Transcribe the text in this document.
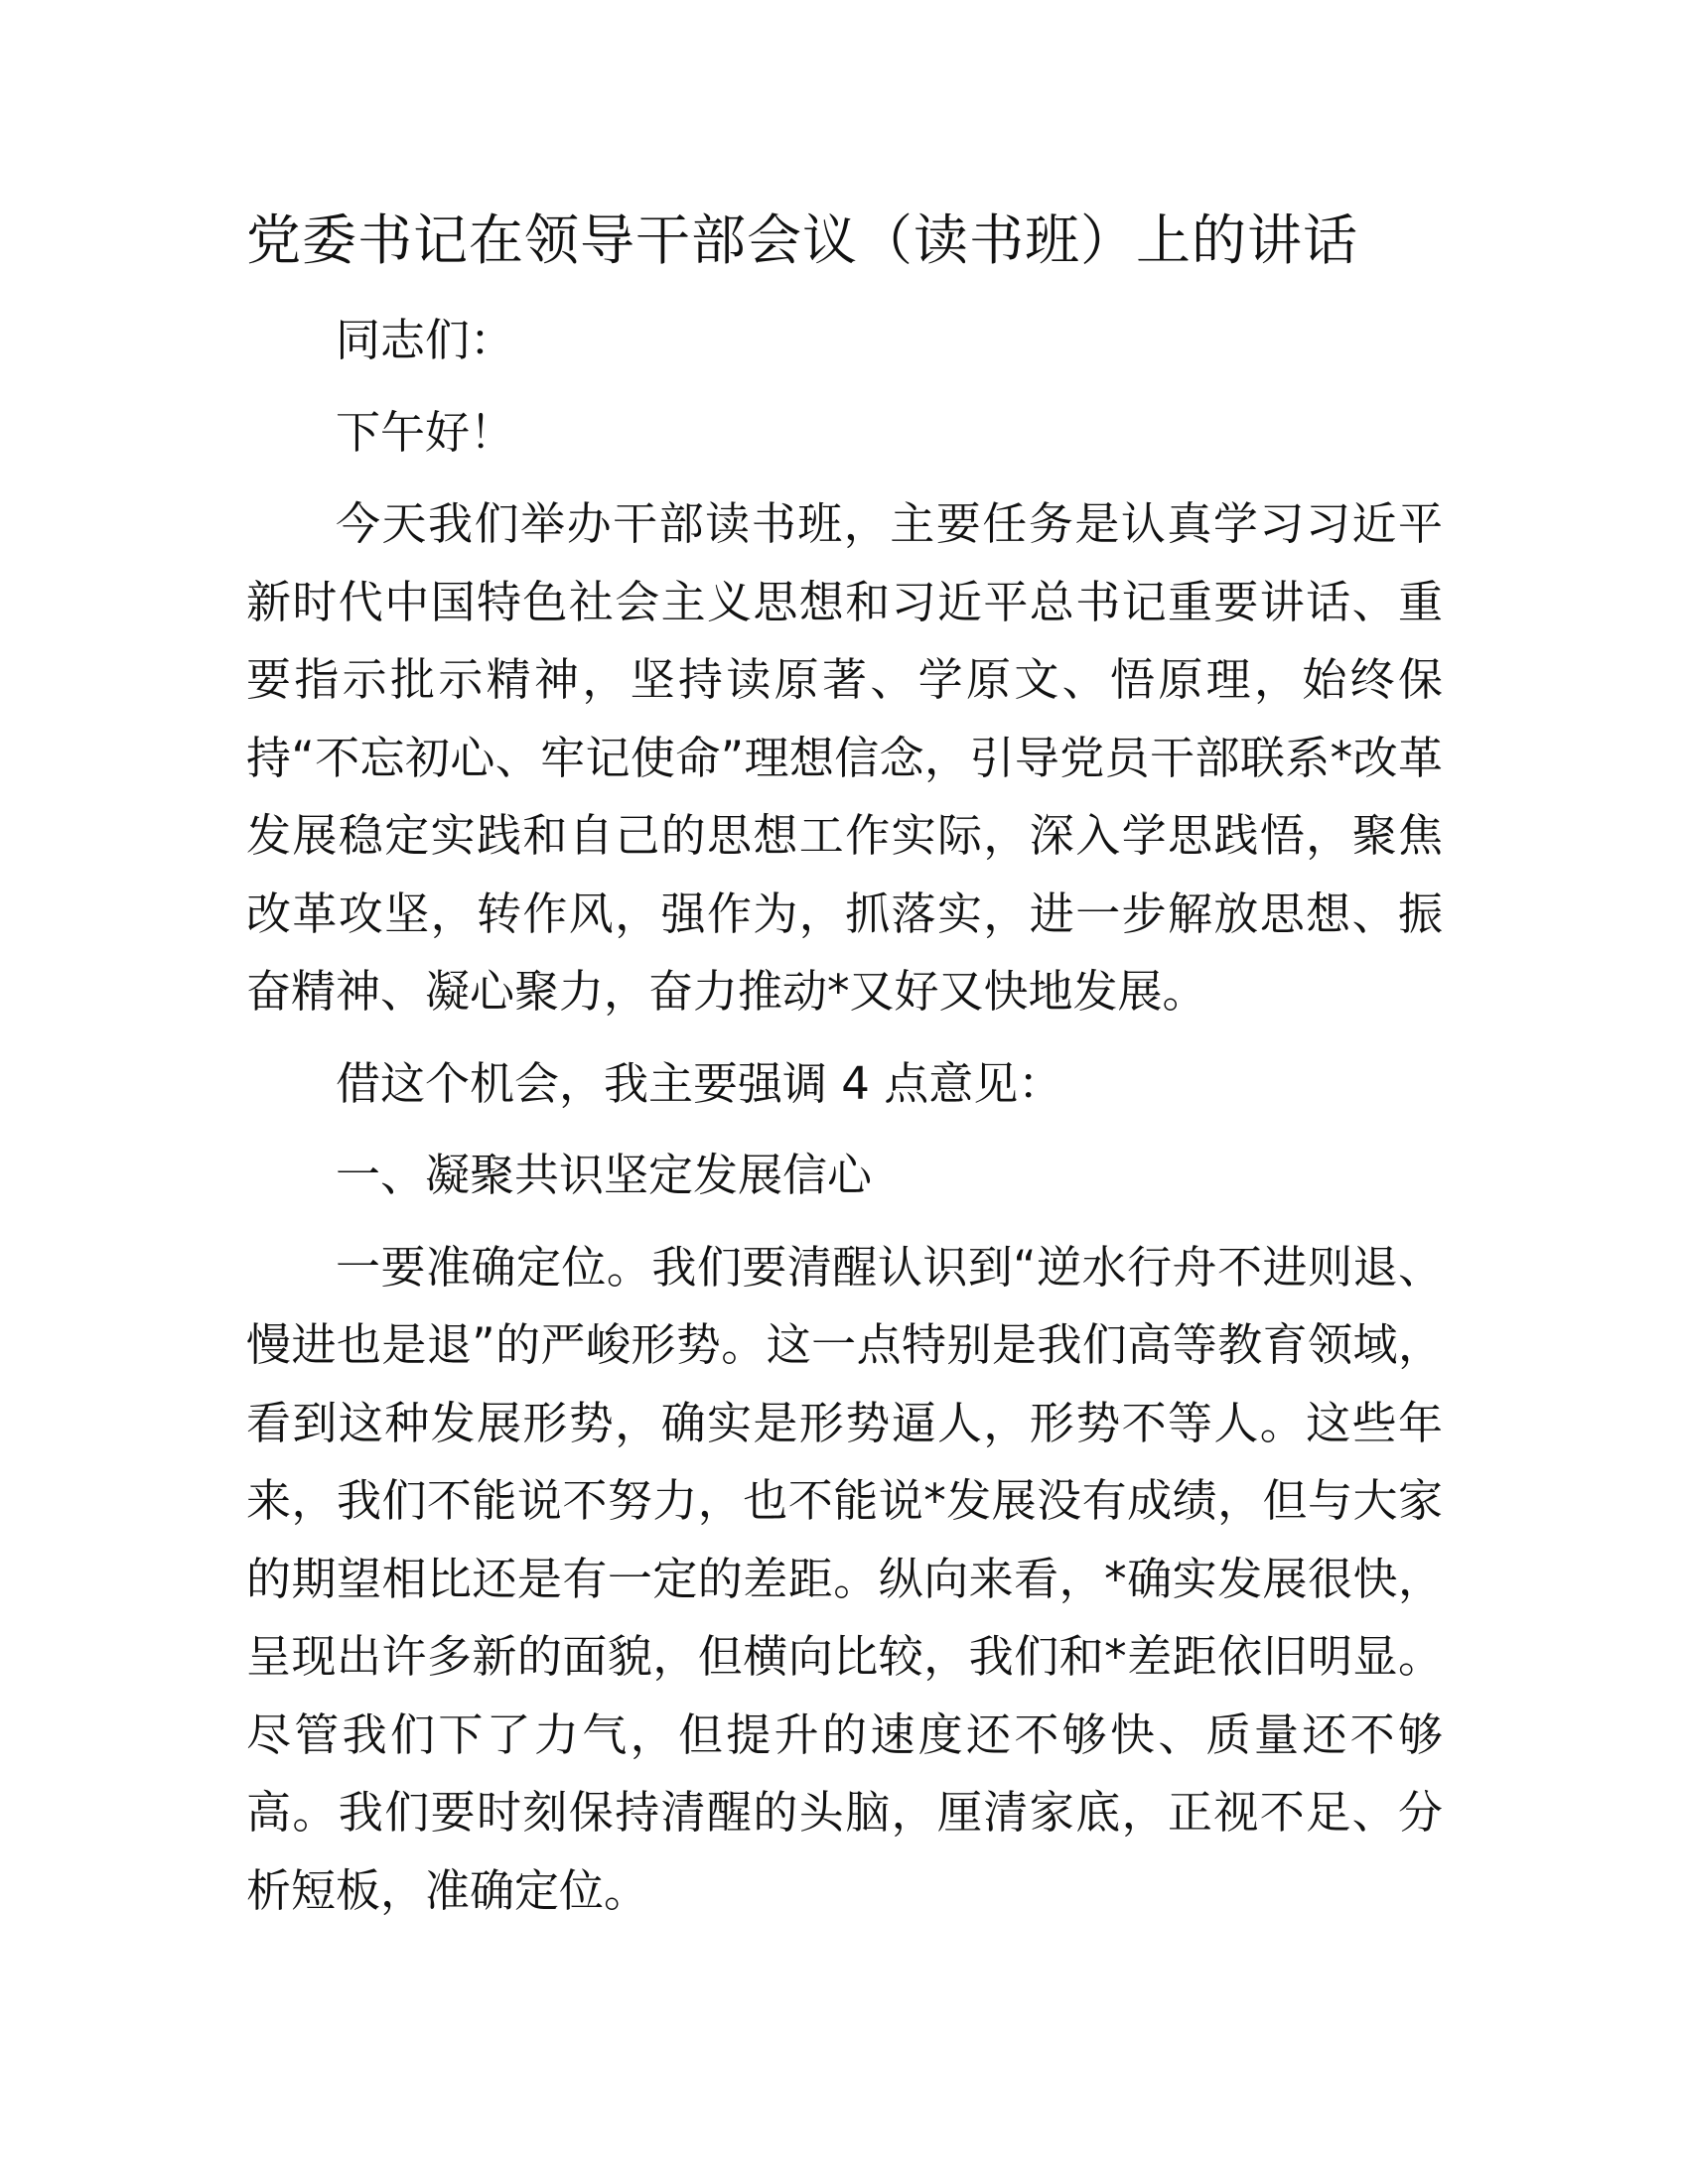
党委书记在领导干部会议（读书班）上的讲话

同志们：

下午好！

今天我们举办干部读书班，主要任务是认真学习习近平新时代中国特色社会主义思想和习近平总书记重要讲话、重要指示批示精神，坚持读原著、学原文、悟原理，始终保持“不忘初心、牢记使命”理想信念，引导党员干部联系*改革发展稳定实践和自己的思想工作实际，深入学思践悟，聚焦改革攻坚，转作风，强作为，抓落实，进一步解放思想、振奋精神、凝心聚力，奋力推动*又好又快地发展。

借这个机会，我主要强调 4 点意见：

一、凝聚共识坚定发展信心

一要准确定位。我们要清醒认识到“逆水行舟不进则退、慢进也是退”的严峻形势。这一点特别是我们高等教育领域，看到这种发展形势，确实是形势逼人，形势不等人。这些年来，我们不能说不努力，也不能说*发展没有成绩，但与大家的期望相比还是有一定的差距。纵向来看，*确实发展很快，呈现出许多新的面貌，但横向比较，我们和*差距依旧明显。尽管我们下了力气，但提升的速度还不够快、质量还不够高。我们要时刻保持清醒的头脑，厘清家底，正视不足、分析短板，准确定位。
